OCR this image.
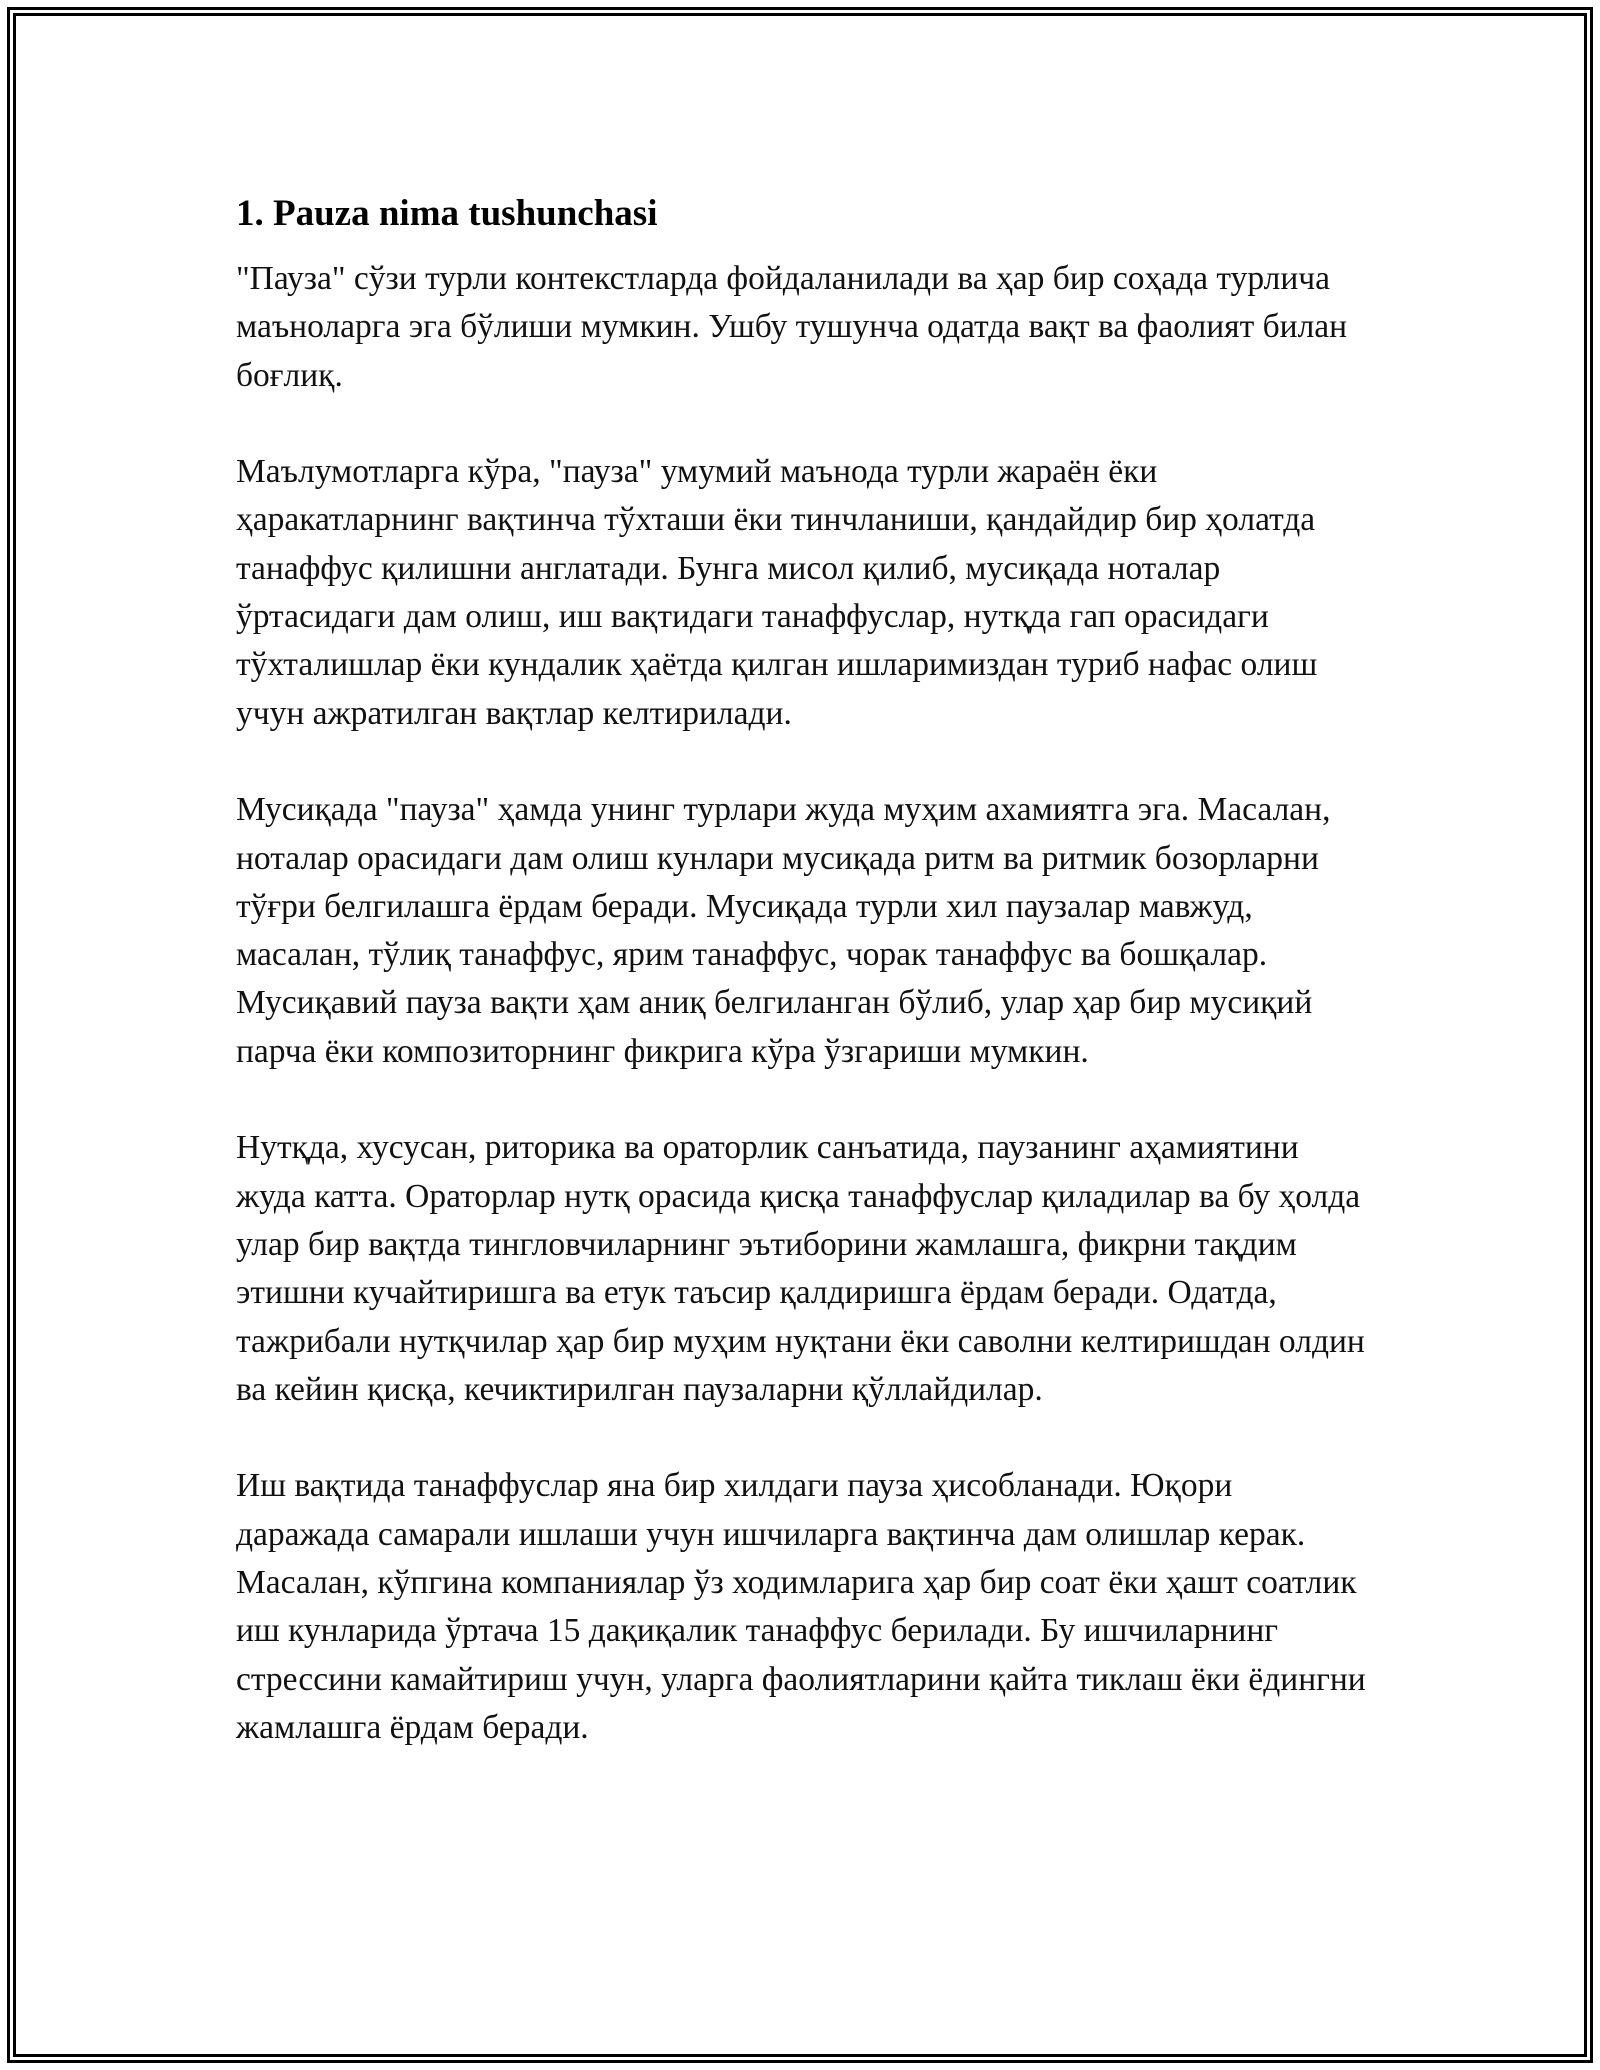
1. Pauza nima tushunchasi

"Пауза" сўзи турли контекстларда фойдаланилади ва ҳар бир соҳада турлича маъноларга эга бўлиши мумкин. Ушбу тушунча одатда вақт ва фаолият билан боғлиқ.

Маълумотларга кўра, "пауза" умумий маънода турли жараён ёки ҳаракатларнинг вақтинча тўхташи ёки тинчланиши, қандайдир бир ҳолатда танаффус қилишни англатади. Бунга мисол қилиб, мусиқада ноталар ўртасидаги дам олиш, иш вақтидаги танаффуслар, нутқда гап орасидаги тўхталишлар ёки кундалик ҳаётда қилган ишларимиздан туриб нафас олиш учун ажратилган вақтлар келтирилади.

Мусиқада "пауза" ҳамда унинг турлари жуда муҳим ахамиятга эга. Масалан, ноталар орасидаги дам олиш кунлари мусиқада ритм ва ритмик бозорларни тўғри белгилашга ёрдам беради. Мусиқада турли хил паузалар мавжуд, масалан, тўлиқ танаффус, ярим танаффус, чорак танаффус ва бошқалар. Мусиқавий пауза вақти ҳам аниқ белгиланган бўлиб, улар ҳар бир мусиқий парча ёки композиторнинг фикрига кўра ўзгариши мумкин.

Нутқда, хусусан, риторика ва ораторлик санъатида, паузанинг аҳамиятини жуда катта. Ораторлар нутқ орасида қисқа танаффуслар қиладилар ва бу ҳолда улар бир вақтда тингловчиларнинг эътиборини жамлашга, фикрни тақдим этишни кучайтиришга ва етук таъсир қалдиришга ёрдам беради. Одатда, тажрибали нутқчилар ҳар бир муҳим нуқтани ёки саволни келтиришдан олдин ва кейин қисқа, кечиктирилган паузаларни қўллайдилар.

Иш вақтида танаффуслар яна бир хилдаги пауза ҳисобланади. Юқори даражада самарали ишлаши учун ишчиларга вақтинча дам олишлар керак. Масалан, кўпгина компаниялар ўз ходимларига ҳар бир соат ёки ҳашт соатлик иш кунларида ўртача 15 дақиқалик танаффус берилади. Бу ишчиларнинг стрессини камайтириш учун, уларга фаолиятларини қайта тиклаш ёки ёдингни жамлашга ёрдам беради.
